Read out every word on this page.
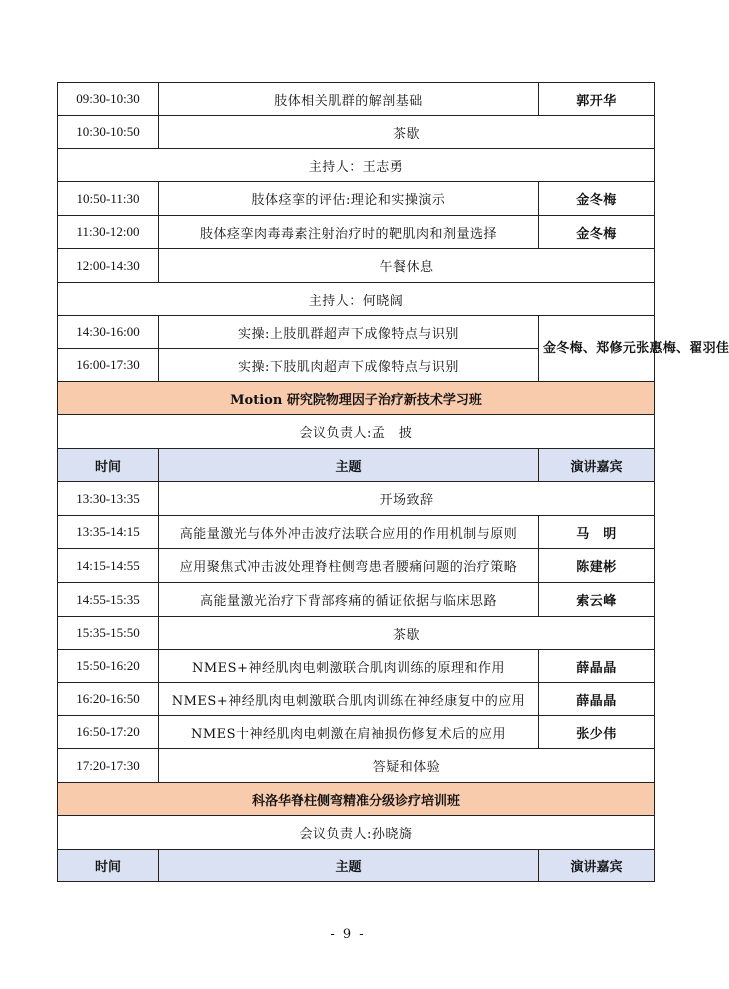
09:30-10:30	肢体相关肌群的解剖基础	郭开华
10:30-10:50	茶歇	
主持人：王志勇		
10:50-11:30	肢体痉挛的评估:理论和实操演示	金冬梅
11:30-12:00	肢体痉挛肉毒毒素注射治疗时的靶肌肉和剂量选择	金冬梅
12:00-14:30	午餐休息	
主持人：何晓阔		
14:30-16:00	实操:上肢肌群超声下成像特点与识别	金冬梅、郑修元张惠梅、翟羽佳
16:00-17:30	实操:下肢肌肉超声下成像特点与识别	
Motion 研究院物理因子治疗新技术学习班		
会议负责人:孟　披		
时间	主题	演讲嘉宾
13:30-13:35	开场致辞	
13:35-14:15	高能量激光与体外冲击波疗法联合应用的作用机制与原则	马　明
14:15-14:55	应用聚焦式冲击波处理脊柱侧弯患者腰痛问题的治疗策略	陈建彬
14:55-15:35	高能量激光治疗下背部疼痛的循证依据与临床思路	索云峰
15:35-15:50	茶歇	
15:50-16:20	NMES+神经肌肉电刺激联合肌肉训练的原理和作用	薛晶晶
16:20-16:50	NMES+神经肌肉电刺激联合肌肉训练在神经康复中的应用	薛晶晶
16:50-17:20	NMES十神经肌肉电刺激在肩袖损伤修复术后的应用	张少伟
17:20-17:30	答疑和体验	
科洛华脊柱侧弯精准分级诊疗培训班		
会议负责人:孙晓旖		
时间	主题	演讲嘉宾
- 9 -
